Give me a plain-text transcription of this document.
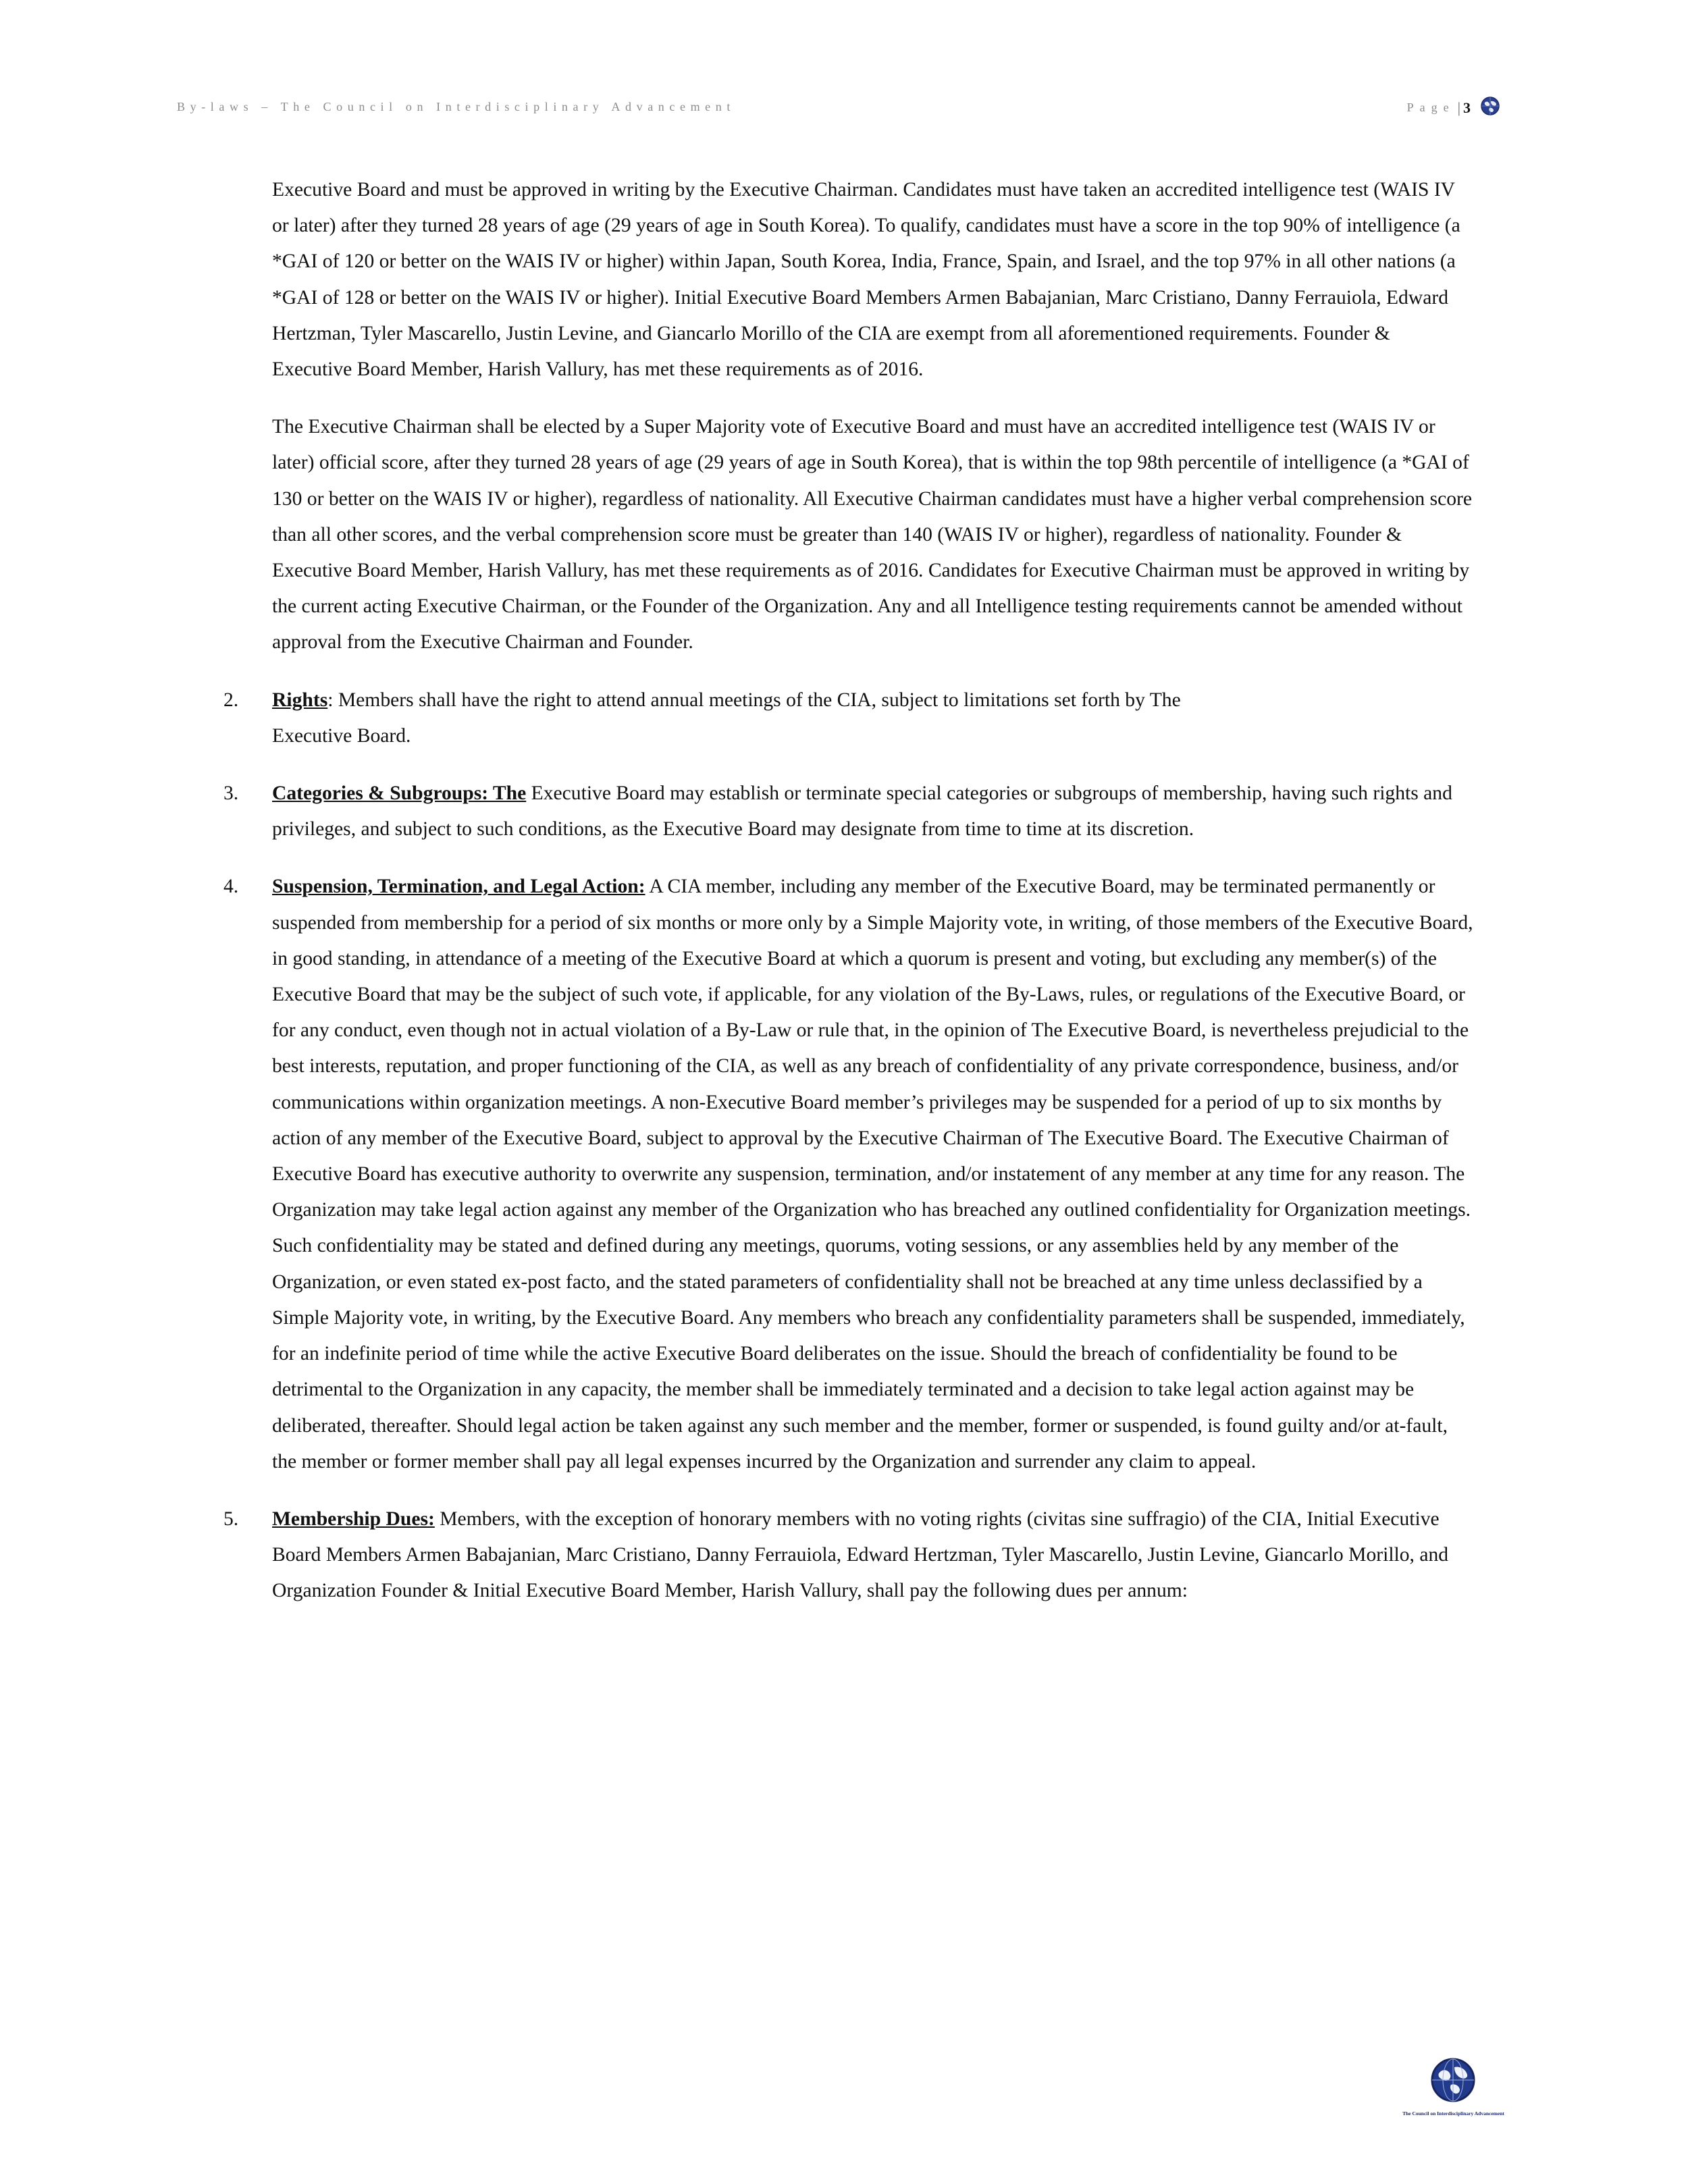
By-laws – The Council on Interdisciplinary Advancement	Page | 3

Executive Board and must be approved in writing by the Executive Chairman. Candidates must have taken an accredited intelligence test (WAIS IV or later) after they turned 28 years of age (29 years of age in South Korea). To qualify, candidates must have a score in the top 90% of intelligence (a *GAI of 120 or better on the WAIS IV or higher) within Japan, South Korea, India, France, Spain, and Israel, and the top 97% in all other nations (a *GAI of 128 or better on the WAIS IV or higher). Initial Executive Board Members Armen Babajanian, Marc Cristiano, Danny Ferrauiola, Edward Hertzman, Tyler Mascarello, Justin Levine, and Giancarlo Morillo of the CIA are exempt from all aforementioned requirements. Founder & Executive Board Member, Harish Vallury, has met these requirements as of 2016.

The Executive Chairman shall be elected by a Super Majority vote of Executive Board and must have an accredited intelligence test (WAIS IV or later) official score, after they turned 28 years of age (29 years of age in South Korea), that is within the top 98th percentile of intelligence (a *GAI of 130 or better on the WAIS IV or higher), regardless of nationality. All Executive Chairman candidates must have a higher verbal comprehension score than all other scores, and the verbal comprehension score must be greater than 140 (WAIS IV or higher), regardless of nationality. Founder & Executive Board Member, Harish Vallury, has met these requirements as of 2016. Candidates for Executive Chairman must be approved in writing by the current acting Executive Chairman, or the Founder of the Organization. Any and all Intelligence testing requirements cannot be amended without approval from the Executive Chairman and Founder.

2. Rights: Members shall have the right to attend annual meetings of the CIA, subject to limitations set forth by The
Executive Board.
3. Categories & Subgroups: The Executive Board may establish or terminate special categories or subgroups of membership, having such rights and privileges, and subject to such conditions, as the Executive Board may designate from time to time at its discretion.
4. Suspension, Termination, and Legal Action: A CIA member, including any member of the Executive Board, may be terminated permanently or suspended from membership for a period of six months or more only by a Simple Majority vote, in writing, of those members of the Executive Board, in good standing, in attendance of a meeting of the Executive Board at which a quorum is present and voting, but excluding any member(s) of the Executive Board that may be the subject of such vote, if applicable, for any violation of the By-Laws, rules, or regulations of the Executive Board, or for any conduct, even though not in actual violation of a By-Law or rule that, in the opinion of The Executive Board, is nevertheless prejudicial to the best interests, reputation, and proper functioning of the CIA, as well as any breach of confidentiality of any private correspondence, business, and/or communications within organization meetings. A non-Executive Board member’s privileges may be suspended for a period of up to six months by action of any member of the Executive Board, subject to approval by the Executive Chairman of The Executive Board. The Executive Chairman of Executive Board has executive authority to overwrite any suspension, termination, and/or instatement of any member at any time for any reason. The Organization may take legal action against any member of the Organization who has breached any outlined confidentiality for Organization meetings. Such confidentiality may be stated and defined during any meetings, quorums, voting sessions, or any assemblies held by any member of the Organization, or even stated ex-post facto, and the stated parameters of confidentiality shall not be breached at any time unless declassified by a Simple Majority vote, in writing, by the Executive Board. Any members who breach any confidentiality parameters shall be suspended, immediately, for an indefinite period of time while the active Executive Board deliberates on the issue. Should the breach of confidentiality be found to be detrimental to the Organization in any capacity, the member shall be immediately terminated and a decision to take legal action against may be deliberated, thereafter. Should legal action be taken against any such member and the member, former or suspended, is found guilty and/or at-fault, the member or former member shall pay all legal expenses incurred by the Organization and surrender any claim to appeal.
5. Membership Dues: Members, with the exception of honorary members with no voting rights (civitas sine suffragio) of the CIA, Initial Executive Board Members Armen Babajanian, Marc Cristiano, Danny Ferrauiola, Edward Hertzman, Tyler Mascarello, Justin Levine, Giancarlo Morillo, and Organization Founder & Initial Executive Board Member, Harish Vallury, shall pay the following dues per annum:
The Council on Interdisciplinary Advancement
